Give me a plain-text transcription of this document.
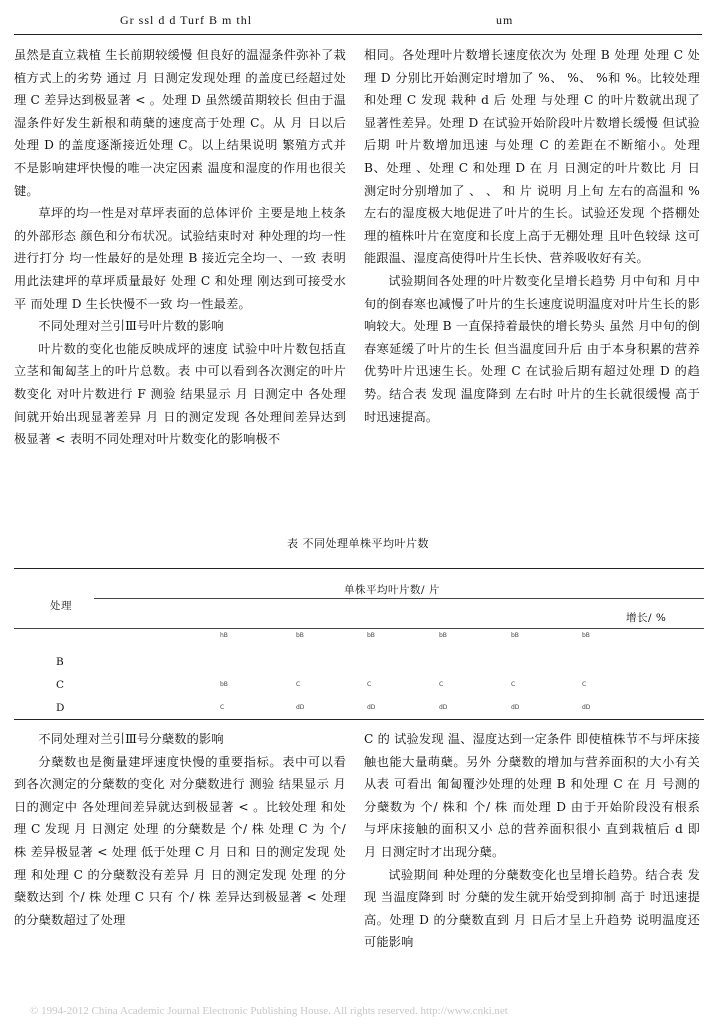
Gr ssl d d Turf B m thl	um

虽然是直立栽植 生长前期较缓慢 但良好的温湿条件弥补了栽植方式上的劣势 通过 月 日测定发现处理 的盖度已经超过处理 C 差异达到极显著 < 。处理 D 虽然缓苗期较长 但由于温湿条件好发生新根和萌蘖的速度高于处理 C。从 月 日以后 处理 D 的盖度逐渐接近处理 C。以上结果说明 繁殖方式并不是影响建坪快慢的唯一决定因素 温度和湿度的作用也很关键。

草坪的均一性是对草坪表面的总体评价 主要是地上枝条的外部形态 颜色和分布状况。试验结束时对 种处理的均一性进行打分 均一性最好的是处理 B 接近完全均一、一致 表明用此法建坪的草坪质量最好 处理 C 和处理 刚达到可接受水平 而处理 D 生长快慢不一致 均一性最差。

不同处理对兰引Ⅲ号叶片数的影响

叶片数的变化也能反映成坪的速度 试验中叶片数包括直立茎和匍匐茎上的叶片总数。表 中可以看到各次测定的叶片数变化 对叶片数进行 F 测验 结果显示 月 日测定中 各处理间就开始出现显著差异 月 日的测定发现 各处理间差异达到极显著 < 表明不同处理对叶片数变化的影响极不

相同。各处理叶片数增长速度依次为 处理 B 处理 处理 C 处理 D 分别比开始测定时增加了 %、 %、 %和 %。比较处理 和处理 C 发现 栽种 d 后 处理 与处理 C 的叶片数就出现了显著性差异。处理 D 在试验开始阶段叶片数增长缓慢 但试验后期 叶片数增加迅速 与处理 C 的差距在不断缩小。处理 B、处理 、处理 C 和处理 D 在 月 日测定的叶片数比 月 日测定时分别增加了 、 、 和 片 说明 月上旬 左右的高温和 % 左右的湿度极大地促进了叶片的生长。试验还发现 个搭棚处理的植株叶片在宽度和长度上高于无棚处理 且叶色较绿 这可能跟温、湿度高使得叶片生长快、营养吸收好有关。

试验期间各处理的叶片数变化呈增长趋势 月中旬和 月中旬的倒春寒也减慢了叶片的生长速度说明温度对叶片生长的影响较大。处理 B 一直保持着最快的增长势头 虽然 月中旬的倒春寒延缓了叶片的生长 但当温度回升后 由于本身积累的营养优势叶片迅速生长。处理 C 在试验后期有超过处理 D 的趋势。结合表 发现 温度降到 左右时 叶片的生长就很缓慢 高于 时迅速提高。

表 不同处理单株平均叶片数
处理
单株平均叶片数/ 片
增长/ %
hB	bB	bB	bB	bB	bB
B
C	bB	C	C	C	C	C
D	C	dD	dD	dD	dD	dD

不同处理对兰引Ⅲ号分蘖数的影响

分蘖数也是衡量建坪速度快慢的重要指标。表中可以看到各次测定的分蘖数的变化 对分蘖数进行 测验 结果显示 月 日的测定中 各处理间差异就达到极显著 < 。比较处理 和处理 C 发现 月 日测定 处理 的分蘖数是 个/ 株 处理 C 为 个/ 株 差异极显著 < 处理 低于处理 C 月 日和 日的测定发现 处理 和处理 C 的分蘖数没有差异 月 日的测定发现 处理 的分蘖数达到 个/ 株 处理 C 只有 个/ 株 差异达到极显著 < 处理 的分蘖数超过了处理

C 的 试验发现 温、湿度达到一定条件 即使植株节不与坪床接触也能大量萌蘖。另外 分蘖数的增加与营养面积的大小有关 从表 可看出 匍匐覆沙处理的处理 B 和处理 C 在 月 号测的分蘖数为 个/ 株和 个/ 株 而处理 D 由于开始阶段没有根系 与坪床接触的面积又小 总的营养面积很小 直到栽植后 d 即 月 日测定时才出现分蘖。

试验期间 种处理的分蘖数变化也呈增长趋势。结合表 发现 当温度降到 时 分蘖的发生就开始受到抑制 高于 时迅速提高。处理 D 的分蘖数直到 月 日后才呈上升趋势 说明温度还可能影响

© 1994-2012 China Academic Journal Electronic Publishing House. All rights reserved. http://www.cnki.net
